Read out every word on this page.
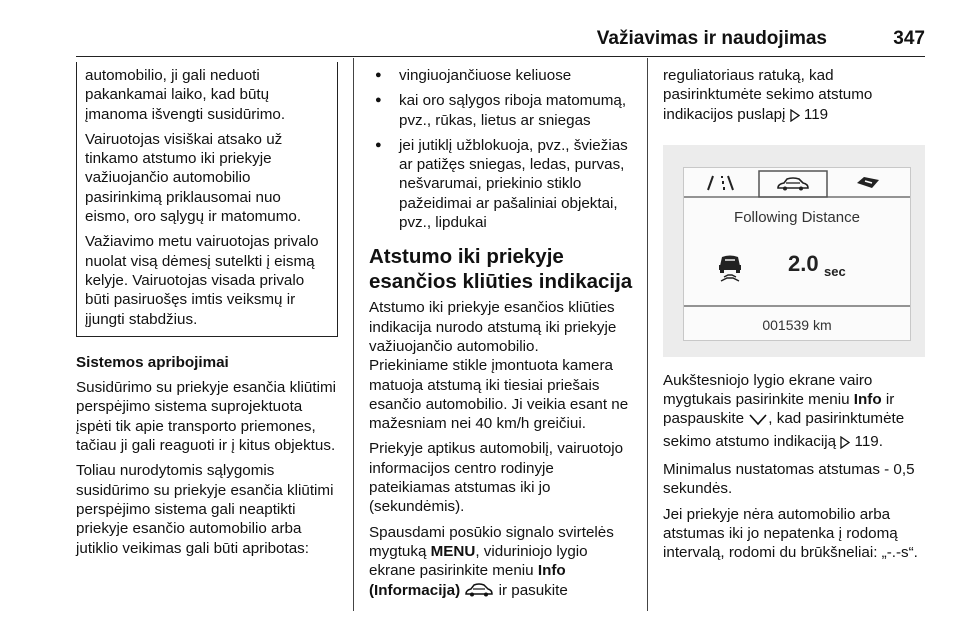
Važiavimas ir naudojimas	347

automobilio, ji gali neduoti pakankamai laiko, kad būtų įmanoma išvengti susidūrimo.

Vairuotojas visiškai atsako už tinkamo atstumo iki priekyje važiuojančio automobilio pasirinkimą priklausomai nuo eismo, oro sąlygų ir matomumo.

Važiavimo metu vairuotojas privalo nuolat visą dėmesį sutelkti į eismą kelyje. Vairuotojas visada privalo būti pasiruošęs imtis veiksmų ir įjungti stabdžius.

Sistemos apribojimai

Susidūrimo su priekyje esančia kliūtimi perspėjimo sistema suprojektuota įspėti tik apie transporto priemones, tačiau ji gali reaguoti ir į kitus objektus.

Toliau nurodytomis sąlygomis susidūrimo su priekyje esančia kliūtimi perspėjimo sistema gali neaptikti priekyje esančio automobilio arba jutiklio veikimas gali būti apribotas:

● vingiuojančiuose keliuose

● kai oro sąlygos riboja matomumą, pvz., rūkas, lietus ar sniegas

● jei jutiklį užblokuoja, pvz., šviežias ar patižęs sniegas, ledas, purvas, nešvarumai, priekinio stiklo pažeidimai ar pašaliniai objektai, pvz., lipdukai

Atstumo iki priekyje esančios kliūties indikacija

Atstumo iki priekyje esančios kliūties indikacija nurodo atstumą iki priekyje važiuojančio automobilio.

Priekiniame stikle įmontuota kamera matuoja atstumą iki tiesiai priešais esančio automobilio. Ji veikia esant ne mažesniam nei 40 km/h greičiui.

Priekyje aptikus automobilį, vairuotojo informacijos centro rodinyje pateikiamas atstumas iki jo (sekundėmis).

Spausdami posūkio signalo svirtelės mygtuką MENU, viduriniojo lygio ekrane pasirinkite meniu Info (Informacija)  ir pasukite

reguliatoriaus ratuką, kad pasirinktumėte sekimo atstumo indikacijos puslapį 119

Following Distance
2.0 sec
001539 km

Aukštesniojo lygio ekrane vairo mygtukais pasirinkite meniu Info ir paspauskite , kad pasirinktumėte sekimo atstumo indikaciją 119.

Minimalus nustatomas atstumas - 0,5 sekundės.

Jei priekyje nėra automobilio arba atstumas iki jo nepatenka į rodomą intervalą, rodomi du brūkšneliai: „-.-s“.
